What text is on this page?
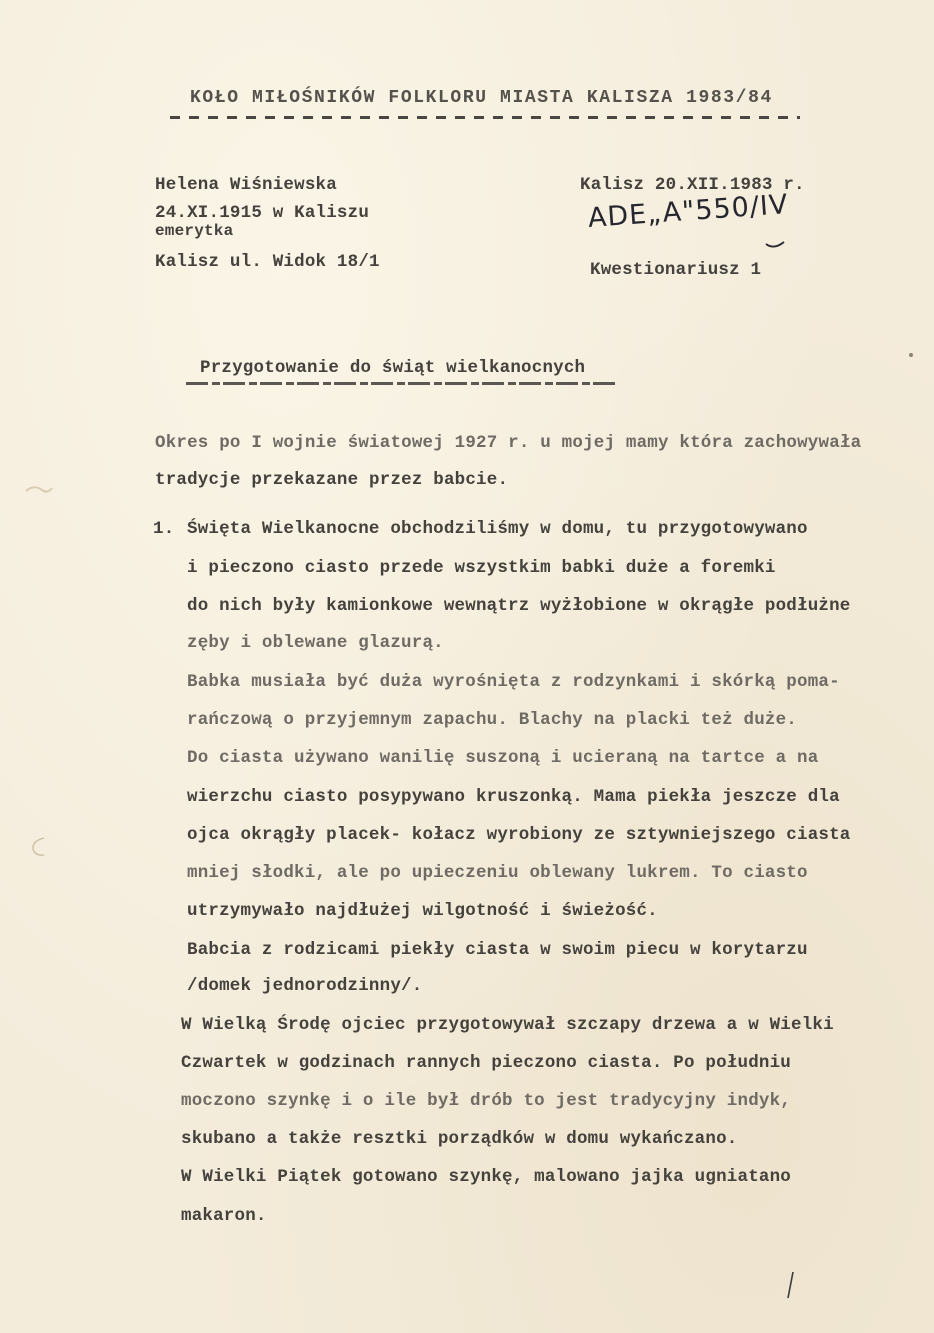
KOŁO MIŁOŚNIKÓW FOLKLORU MIASTA KALISZA 1983/84
Helena Wiśniewska
24.XI.1915 w Kaliszu
emerytka
Kalisz ul. Widok 18/1
Kalisz 20.XII.1983 r.
ADE„A"550/IV
Kwestionariusz 1
Przygotowanie do świąt wielkanocnych
Okres po I wojnie światowej 1927 r. u mojej mamy która zachowywała
tradycje przekazane przez babcie.
1. Święta Wielkanocne obchodziliśmy w domu, tu przygotowywano
i pieczono ciasto przede wszystkim babki duże a foremki
do nich były kamionkowe wewnątrz wyżłobione w okrągłe podłużne
zęby i oblewane glazurą.
Babka musiała być duża wyrośnięta z rodzynkami i skórką poma-
rańczową o przyjemnym zapachu. Blachy na placki też duże.
Do ciasta używano wanilię suszoną i ucieraną na tartce a na
wierzchu ciasto posypywano kruszonką. Mama piekła jeszcze dla
ojca okrągły placek- kołacz wyrobiony ze sztywniejszego ciasta
mniej słodki, ale po upieczeniu oblewany lukrem. To ciasto
utrzymywało najdłużej wilgotność i świeżość.
Babcia z rodzicami piekły ciasta w swoim piecu w korytarzu
/domek jednorodzinny/.
W Wielką Środę ojciec przygotowywał szczapy drzewa a w Wielki
Czwartek w godzinach rannych pieczono ciasta. Po południu
moczono szynkę i o ile był drób to jest tradycyjny indyk,
skubano a także resztki porządków w domu wykańczano.
W Wielki Piątek gotowano szynkę, malowano jajka ugniatano
makaron.
